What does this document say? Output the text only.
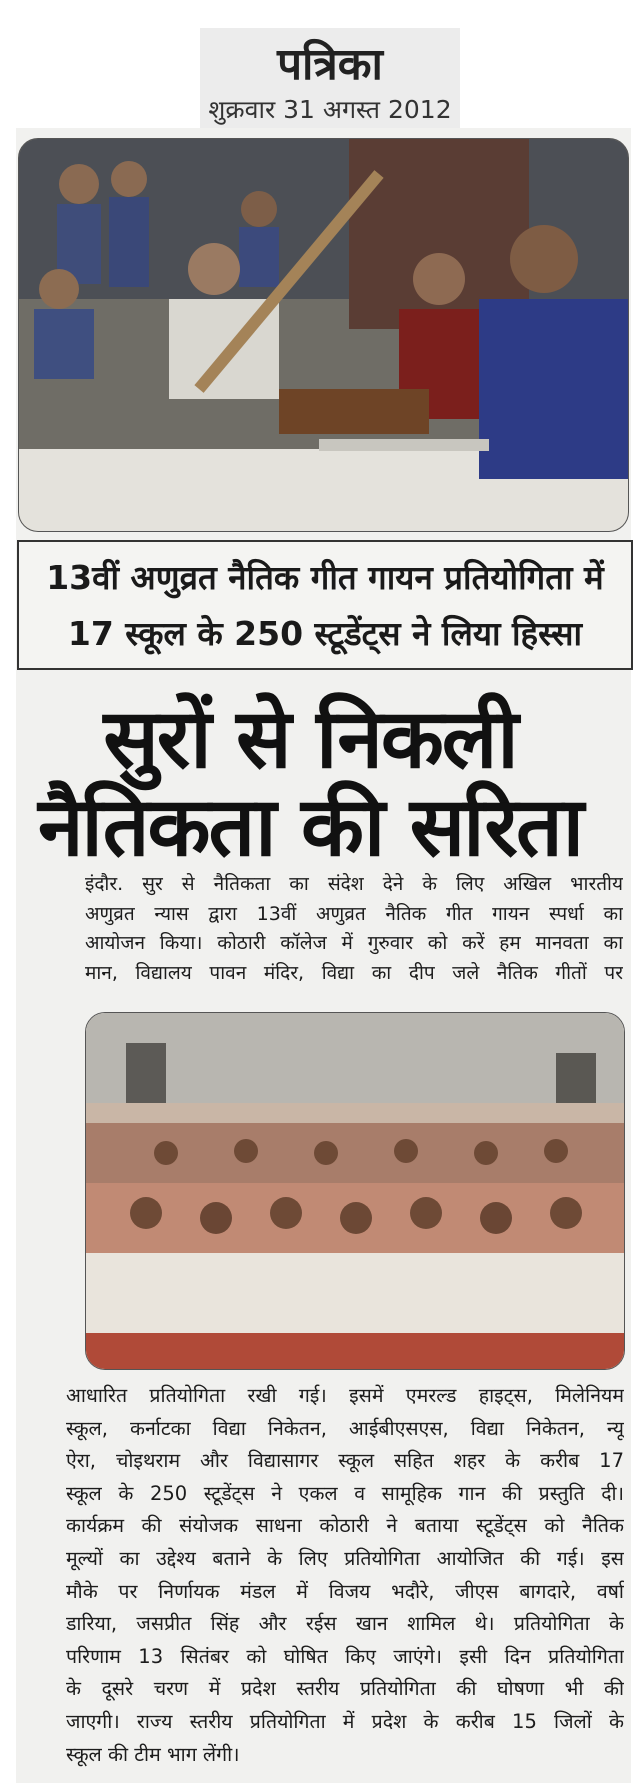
पत्रिका
शुक्रवार 31 अगस्त 2012
13वीं अणुव्रत नैतिक गीत गायन प्रतियोगिता में
17 स्कूल के 250 स्टूडेंट्स ने लिया हिस्सा
सुरों से निकली
नैतिकता की सरिता
इंदौर. सुर से नैतिकता का संदेश देने के लिए अखिल भारतीय
अणुव्रत न्यास द्वारा 13वीं अणुव्रत नैतिक गीत गायन स्पर्धा का
आयोजन किया। कोठारी कॉलेज में गुरुवार को करें हम मानवता का
मान, विद्यालय पावन मंदिर, विद्या का दीप जले नैतिक गीतों पर
आधारित प्रतियोगिता रखी गई। इसमें एमरल्ड हाइट्स, मिलेनियम
स्कूल, कर्नाटका विद्या निकेतन, आईबीएसएस, विद्या निकेतन, न्यू
ऐरा, चोइथराम और विद्यासागर स्कूल सहित शहर के करीब 17
स्कूल के 250 स्टूडेंट्स ने एकल व सामूहिक गान की प्रस्तुति दी।
कार्यक्रम की संयोजक साधना कोठारी ने बताया स्टूडेंट्स को नैतिक
मूल्यों का उद्देश्य बताने के लिए प्रतियोगिता आयोजित की गई। इस
मौके पर निर्णायक मंडल में विजय भदौरे, जीएस बागदारे, वर्षा
डारिया, जसप्रीत सिंह और रईस खान शामिल थे। प्रतियोगिता के
परिणाम 13 सितंबर को घोषित किए जाएंगे। इसी दिन प्रतियोगिता
के दूसरे चरण में प्रदेश स्तरीय प्रतियोगिता की घोषणा भी की
जाएगी। राज्य स्तरीय प्रतियोगिता में प्रदेश के करीब 15 जिलों के
स्कूल की टीम भाग लेंगी।
